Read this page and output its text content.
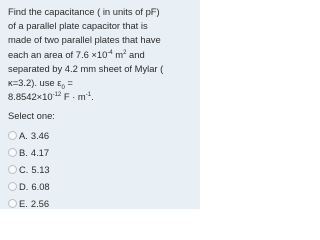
Find the capacitance ( in units of pF)

of a parallel plate capacitor that is

made of two parallel plates that have

each an area of $7.6 \times 10^{-4}$ $m^2$ and

separated by 4.2 mm sheet of Mylar (

κ=3.2). use $\varepsilon_0$ =

$8.8542\times 10^{-12}$ $F \cdot m^{-1}$.

Select one:
A. 3.46
B. 4.17
C. 5.13
D. 6.08
E. 2.56
